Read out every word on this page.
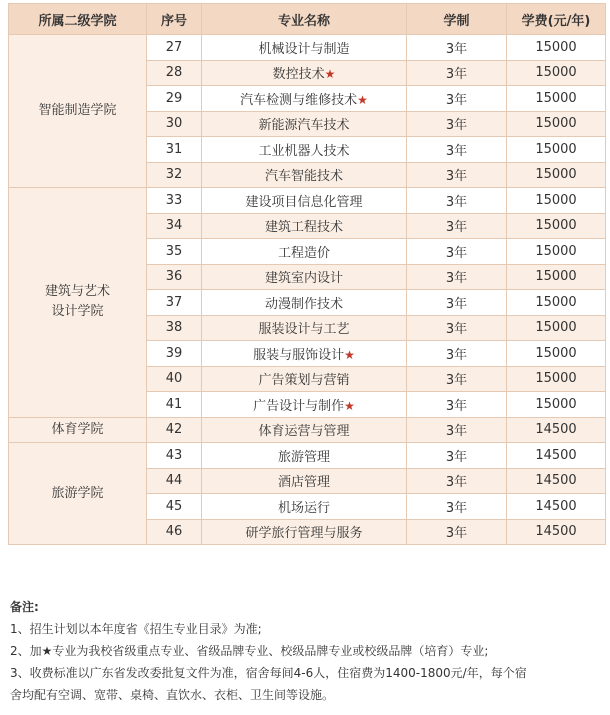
所属二级学院	序号	专业名称	学制	学费(元/年)

智能制造学院	27	机械设计与制造	3年	15000
	28	数控技术★	3年	15000
	29	汽车检测与维修技术★	3年	15000
	30	新能源汽车技术	3年	15000
	31	工业机器人技术	3年	15000
	32	汽车智能技术	3年	15000

建筑与艺术
设计学院	33	建设项目信息化管理	3年	15000
	34	建筑工程技术	3年	15000
	35	工程造价	3年	15000
	36	建筑室内设计	3年	15000
	37	动漫制作技术	3年	15000
	38	服装设计与工艺	3年	15000
	39	服装与服饰设计★	3年	15000
	40	广告策划与营销	3年	15000
	41	广告设计与制作★	3年	15000

体育学院	42	体育运营与管理	3年	14500

旅游学院	43	旅游管理	3年	14500
	44	酒店管理	3年	14500
	45	机场运行	3年	14500
	46	研学旅行管理与服务	3年	14500

备注:

1、招生计划以本年度省《招生专业目录》为准;

2、加★专业为我校省级重点专业、省级品牌专业、校级品牌专业或校级品牌（培育）专业;

3、收费标准以广东省发改委批复文件为准，宿舍每间4-6人，住宿费为1400-1800元/年，每个宿

舍均配有空调、宽带、桌椅、直饮水、衣柜、卫生间等设施。
